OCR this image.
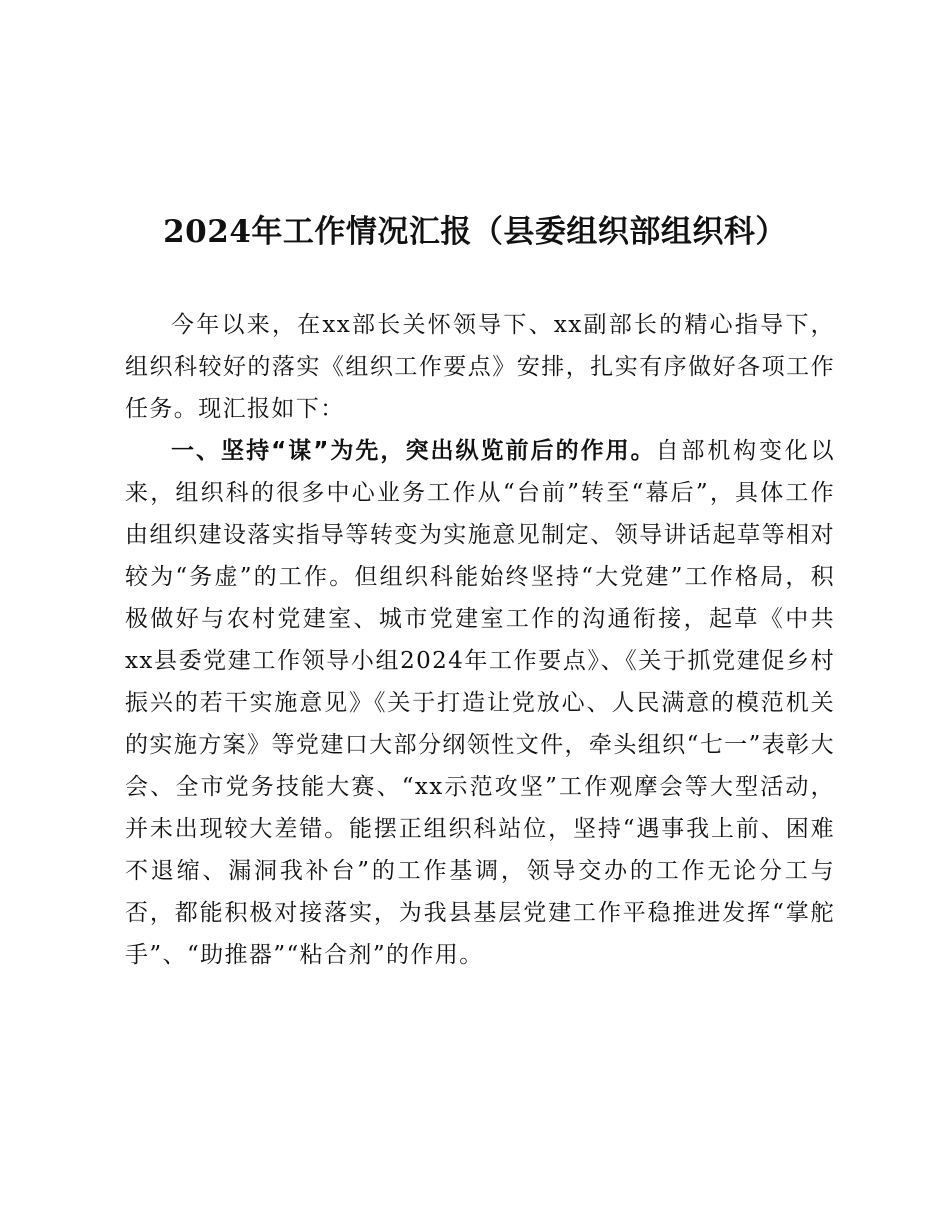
2024年工作情况汇报（县委组织部组织科）

今年以来，在xx部长关怀领导下、xx副部长的精心指导下，组织科较好的落实《组织工作要点》安排，扎实有序做好各项工作任务。现汇报如下：

一、坚持“谋”为先，突出纵览前后的作用。自部机构变化以来，组织科的很多中心业务工作从“台前”转至“幕后”，具体工作由组织建设落实指导等转变为实施意见制定、领导讲话起草等相对较为“务虚”的工作。但组织科能始终坚持“大党建”工作格局，积极做好与农村党建室、城市党建室工作的沟通衔接，起草《中共xx县委党建工作领导小组2024年工作要点》、《关于抓党建促乡村振兴的若干实施意见》《关于打造让党放心、人民满意的模范机关的实施方案》等党建口大部分纲领性文件，牵头组织“七一”表彰大会、全市党务技能大赛、“xx示范攻坚”工作观摩会等大型活动，并未出现较大差错。能摆正组织科站位，坚持“遇事我上前、困难不退缩、漏洞我补台”的工作基调，领导交办的工作无论分工与否，都能积极对接落实，为我县基层党建工作平稳推进发挥“掌舵手”、“助推器”“粘合剂”的作用。
